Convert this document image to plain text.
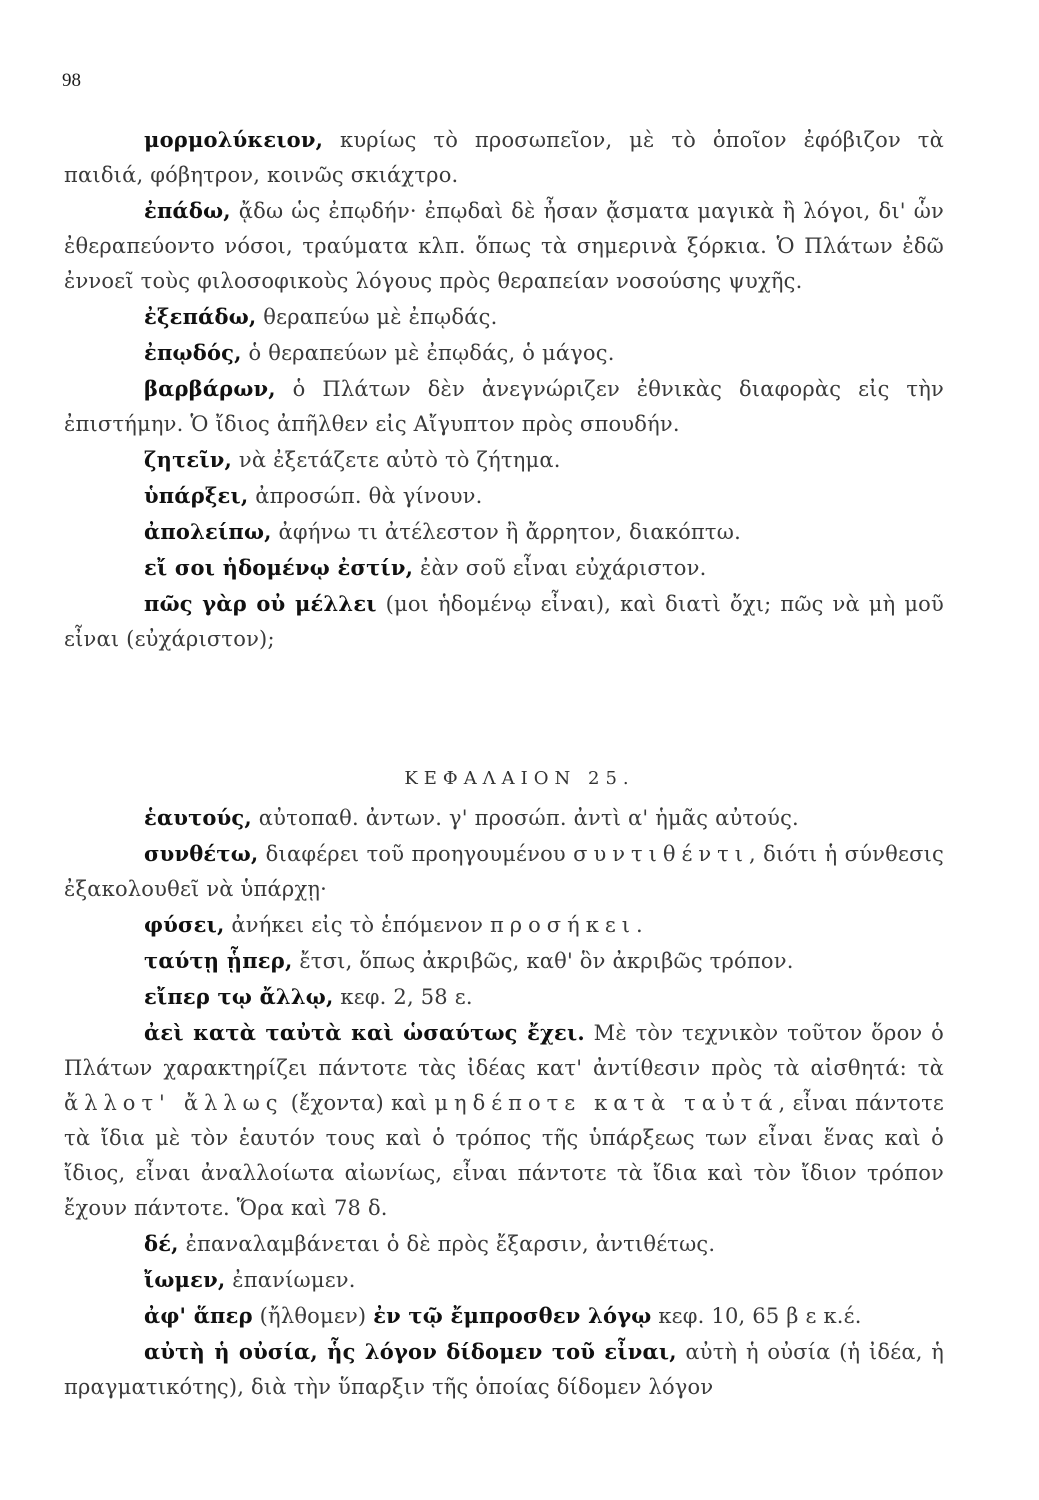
98

μορμολύκειον, κυρίως τὸ προσωπεῖον, μὲ τὸ ὁποῖον ἐφόβιζον τὰ παιδιά, φόβητρον, κοινῶς σκιάχτρο.

ἐπάδω, ᾄδω ὡς ἐπῳδήν· ἐπῳδαὶ δὲ ἦσαν ᾄσματα μαγικὰ ἢ λόγοι, δι' ὧν ἐθεραπεύοντο νόσοι, τραύματα κλπ. ὅπως τὰ σημερινὰ ξόρκια. Ὁ Πλάτων ἐδῶ ἐννοεῖ τοὺς φιλοσοφικοὺς λόγους πρὸς θεραπείαν νοσούσης ψυχῆς.

ἐξεπάδω, θεραπεύω μὲ ἐπῳδάς.

ἐπῳδός, ὁ θεραπεύων μὲ ἐπῳδάς, ὁ μάγος.

βαρβάρων, ὁ Πλάτων δὲν ἀνεγνώριζεν ἐθνικὰς διαφορὰς εἰς τὴν ἐπιστήμην. Ὁ ἴδιος ἀπῆλθεν εἰς Αἴγυπτον πρὸς σπουδήν.

ζητεῖν, νὰ ἐξετάζετε αὐτὸ τὸ ζήτημα.

ὑπάρξει, ἀπροσώπ. θὰ γίνουν.

ἀπολείπω, ἀφήνω τι ἀτέλεστον ἢ ἄρρητον, διακόπτω.

εἴ σοι ἡδομένῳ ἐστίν, ἐὰν σοῦ εἶναι εὐχάριστον.

πῶς γὰρ οὐ μέλλει (μοι ἡδομένῳ εἶναι), καὶ διατὶ ὄχι; πῶς νὰ μὴ μοῦ εἶναι (εὐχάριστον);

ΚΕΦΑΛΑΙΟΝ 25.

ἑαυτούς, αὐτοπαθ. ἀντων. γ' προσώπ. ἀντὶ α' ἡμᾶς αὐτούς.

συνθέτω, διαφέρει τοῦ προηγουμένου συντιθέντι, διότι ἡ σύνθεσις ἐξακολουθεῖ νὰ ὑπάρχῃ·

φύσει, ἀνήκει εἰς τὸ ἑπόμενον προσήκει.

ταύτῃ ᾗπερ, ἔτσι, ὅπως ἀκριβῶς, καθ' ὃν ἀκριβῶς τρόπον.

εἴπερ τῳ ἄλλῳ, κεφ. 2, 58 ε.

ἀεὶ κατὰ ταὐτὰ καὶ ὡσαύτως ἔχει. Μὲ τὸν τεχνικὸν τοῦτον ὅρον ὁ Πλάτων χαρακτηρίζει πάντοτε τὰς ἰδέας κατ' ἀντίθεσιν πρὸς τὰ αἰσθητά: τὰ ἄλλοτ' ἄλλως (ἔχοντα) καὶ μηδέποτε κατὰ ταὐτά, εἶναι πάντοτε τὰ ἴδια μὲ τὸν ἑαυτόν τους καὶ ὁ τρόπος τῆς ὑπάρξεως των εἶναι ἕνας καὶ ὁ ἴδιος, εἶναι ἀναλλοίωτα αἰωνίως, εἶναι πάντοτε τὰ ἴδια καὶ τὸν ἴδιον τρόπον ἔχουν πάντοτε. Ὅρα καὶ 78 δ.

δέ, ἐπαναλαμβάνεται ὁ δὲ πρὸς ἔξαρσιν, ἀντιθέτως.

ἴωμεν, ἐπανίωμεν.

ἀφ' ἅπερ (ἤλθομεν) ἐν τῷ ἔμπροσθεν λόγῳ κεφ. 10, 65 β ε κ.έ.

αὐτὴ ἡ οὐσία, ἧς λόγον δίδομεν τοῦ εἶναι, αὐτὴ ἡ οὐσία (ἡ ἰδέα, ἡ πραγματικότης), διὰ τὴν ὕπαρξιν τῆς ὁποίας δίδομεν λόγον
